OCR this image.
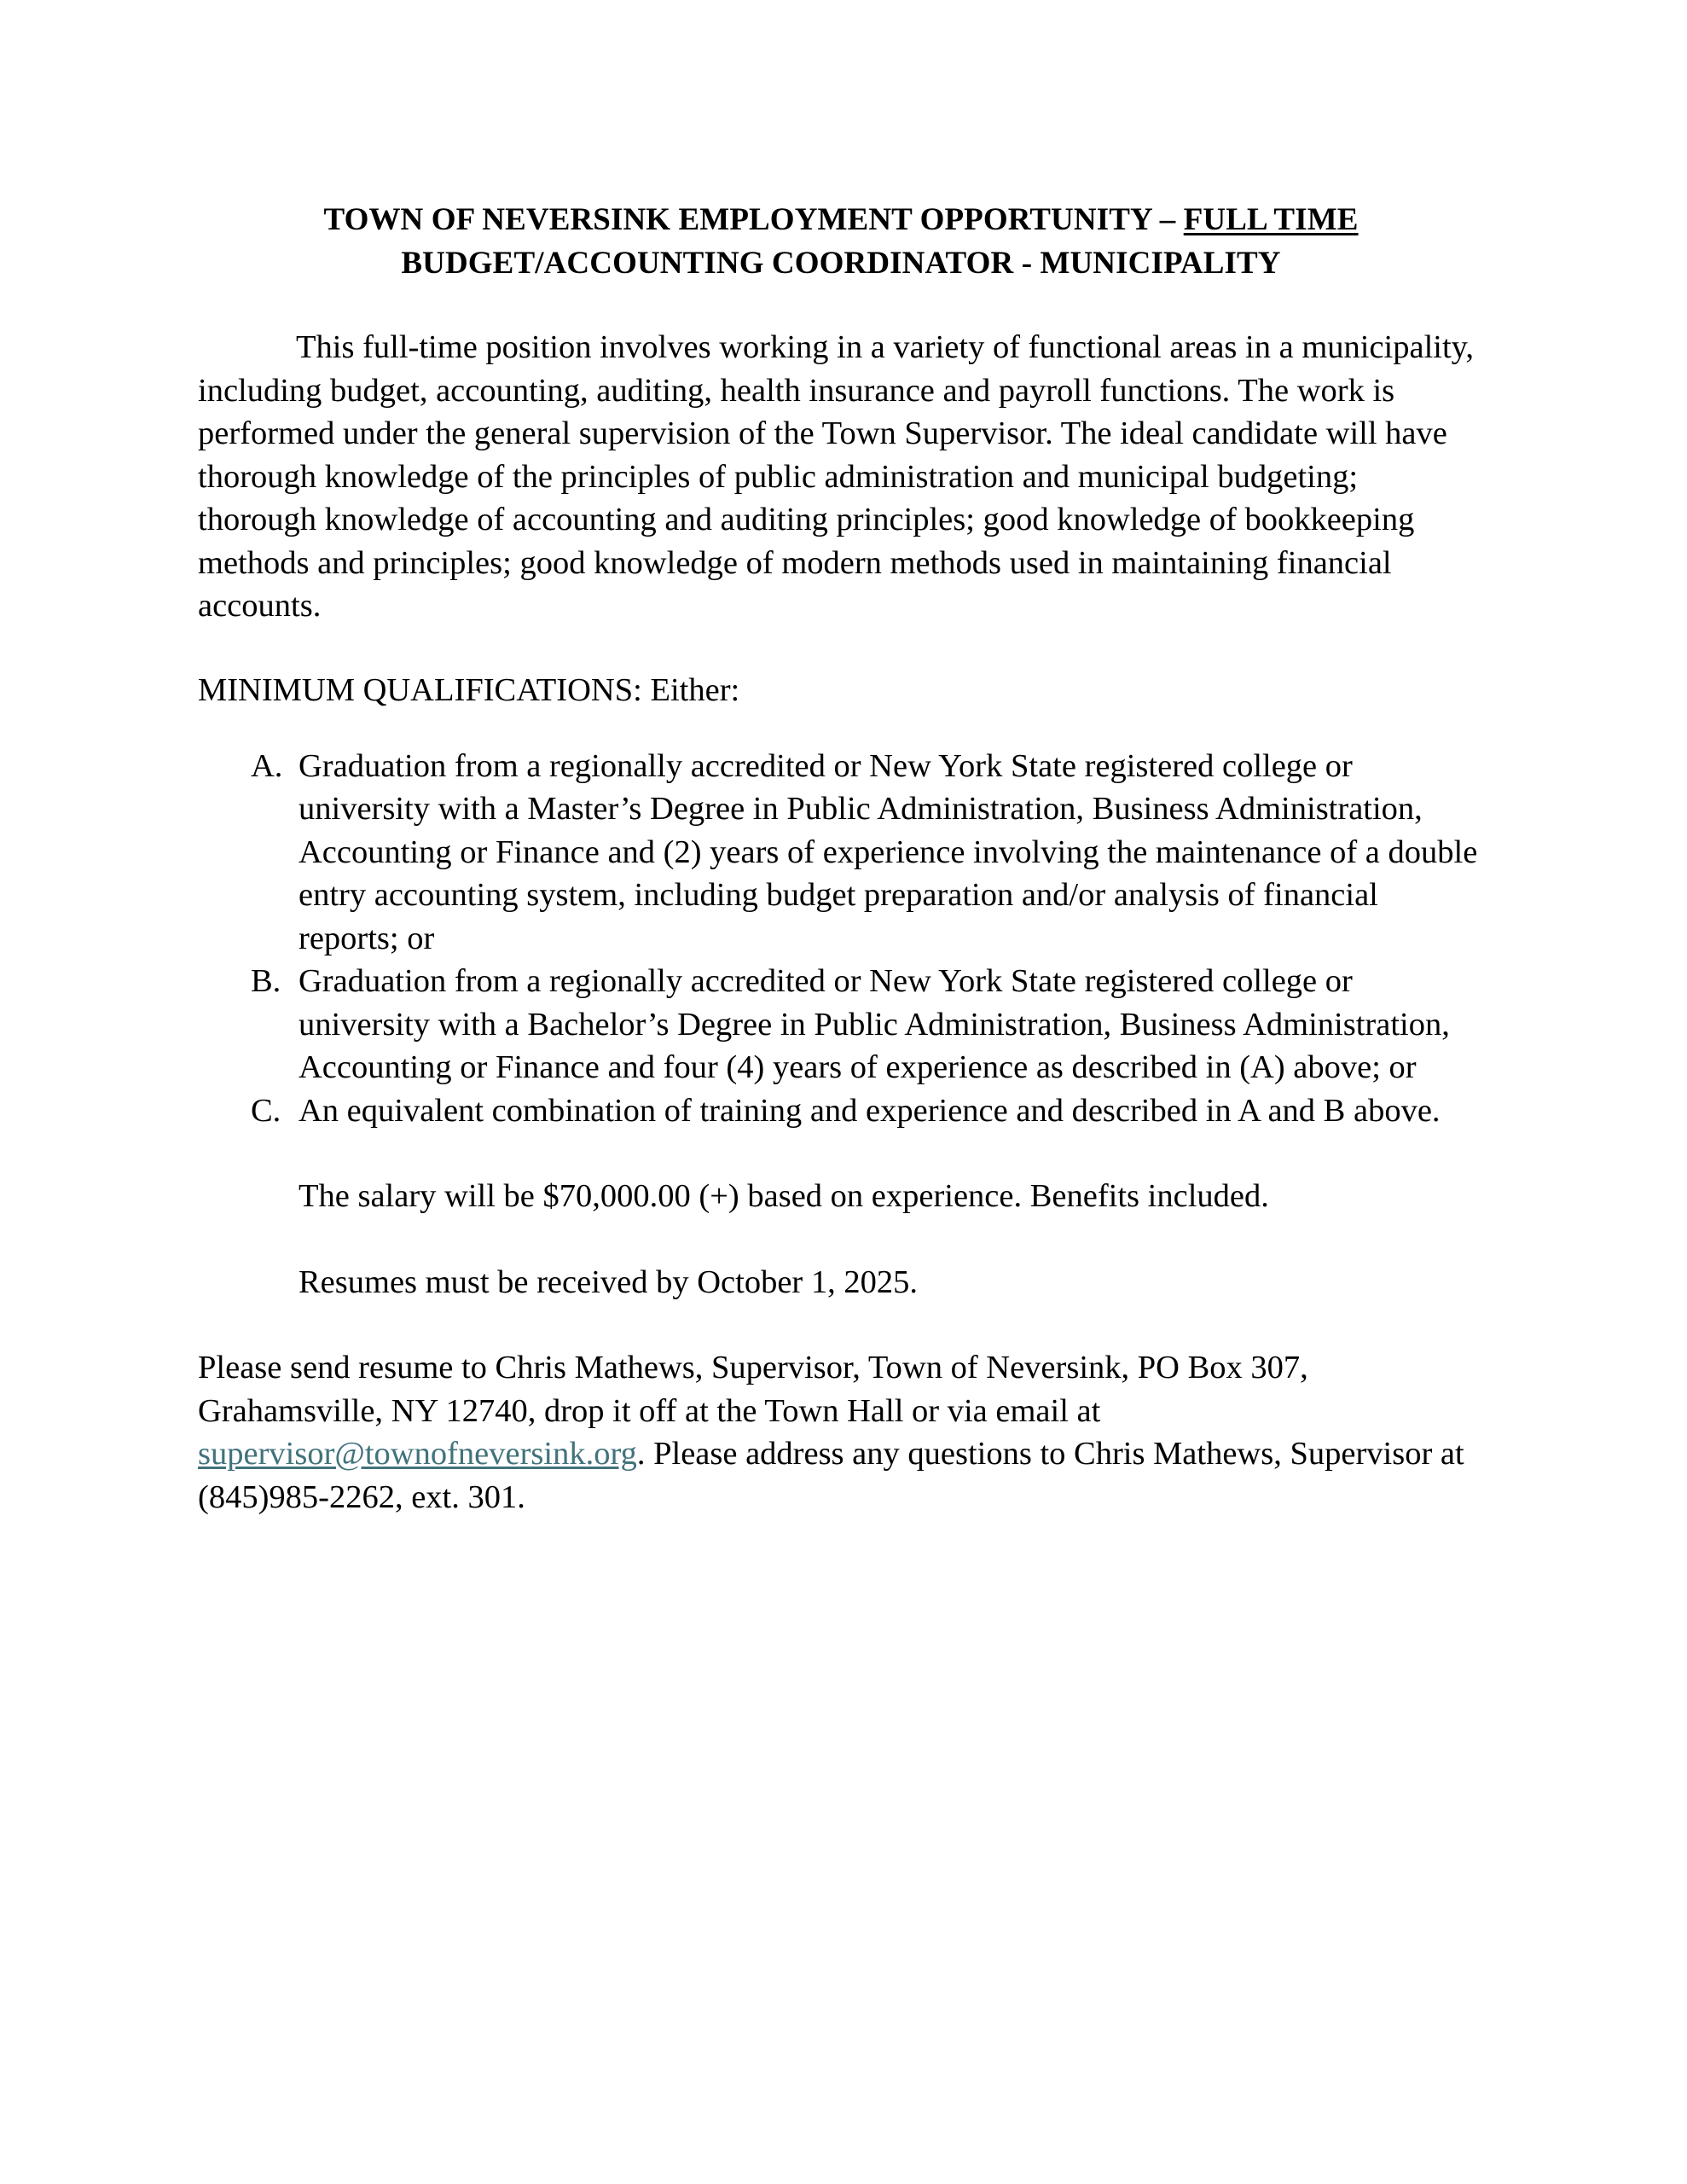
TOWN OF NEVERSINK EMPLOYMENT OPPORTUNITY – FULL TIME
BUDGET/ACCOUNTING COORDINATOR - MUNICIPALITY

This full-time position involves working in a variety of functional areas in a municipality, including budget, accounting, auditing, health insurance and payroll functions. The work is performed under the general supervision of the Town Supervisor. The ideal candidate will have thorough knowledge of the principles of public administration and municipal budgeting; thorough knowledge of accounting and auditing principles; good knowledge of bookkeeping methods and principles; good knowledge of modern methods used in maintaining financial accounts.

MINIMUM QUALIFICATIONS: Either:

A. Graduation from a regionally accredited or New York State registered college or university with a Master’s Degree in Public Administration, Business Administration, Accounting or Finance and (2) years of experience involving the maintenance of a double entry accounting system, including budget preparation and/or analysis of financial reports; or
B. Graduation from a regionally accredited or New York State registered college or university with a Bachelor’s Degree in Public Administration, Business Administration, Accounting or Finance and four (4) years of experience as described in (A) above; or
C. An equivalent combination of training and experience and described in A and B above.

The salary will be $70,000.00 (+) based on experience. Benefits included.

Resumes must be received by October 1, 2025.

Please send resume to Chris Mathews, Supervisor, Town of Neversink, PO Box 307, Grahamsville, NY 12740, drop it off at the Town Hall or via email at supervisor@townofneversink.org. Please address any questions to Chris Mathews, Supervisor at (845)985-2262, ext. 301.
